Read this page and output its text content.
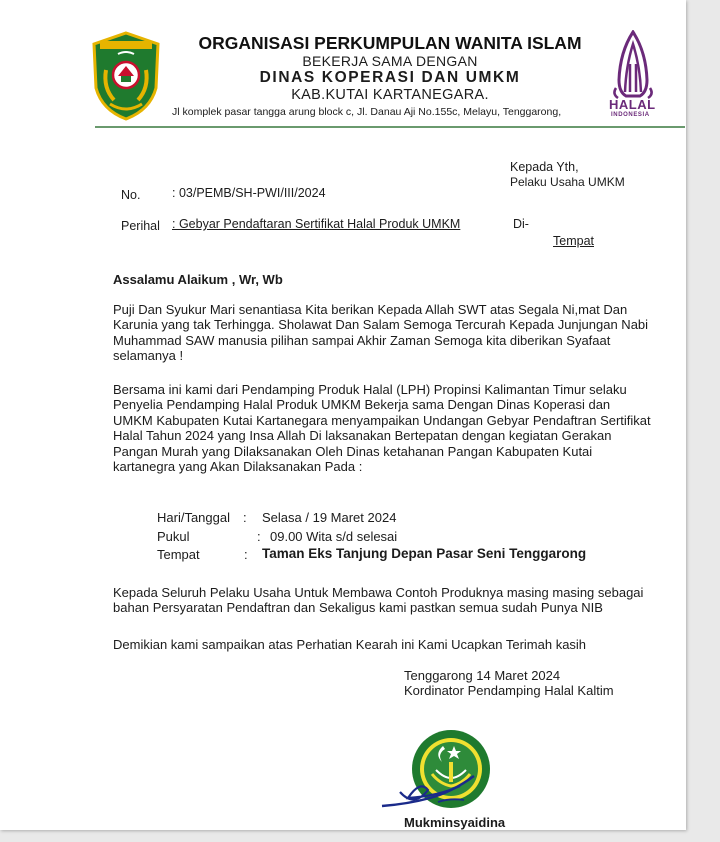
ORGANISASI PERKUMPULAN WANITA ISLAM
BEKERJA SAMA DENGAN
DINAS KOPERASI DAN UMKM
KAB.KUTAI KARTANEGARA.
Jl komplek pasar tangga arung block c, Jl. Danau Aji No.155c, Melayu, Tenggarong,	HALAL
INDONESIA
Kepada Yth,
Pelaku Usaha UMKM
No.	: 03/PEMB/SH-PWI/III/2024
Perihal : Gebyar Pendaftaran Sertifikat Halal Produk UMKM	Di-
Tempat
Assalamu Alaikum , Wr, Wb
Puji Dan Syukur Mari senantiasa Kita berikan Kepada Allah SWT atas Segala Ni,mat Dan Karunia yang tak Terhingga. Sholawat Dan Salam Semoga Tercurah Kepada Junjungan Nabi Muhammad SAW manusia pilihan sampai Akhir Zaman Semoga kita diberikan Syafaat selamanya !
Bersama ini kami dari Pendamping Produk Halal (LPH) Propinsi Kalimantan Timur selaku Penyelia Pendamping Halal Produk UMKM Bekerja sama Dengan Dinas Koperasi dan UMKM Kabupaten Kutai Kartanegara menyampaikan Undangan Gebyar Pendaftran Sertifikat Halal Tahun 2024 yang Insa Allah Di laksanakan Bertepatan dengan kegiatan Gerakan Pangan Murah yang Dilaksanakan Oleh Dinas ketahanan Pangan Kabupaten Kutai kartanegra yang Akan Dilaksanakan Pada :
Hari/Tanggal : Selasa / 19 Maret 2024
Pukul	: 09.00 Wita s/d selesai
Tempat	: Taman Eks Tanjung Depan Pasar Seni Tenggarong
Kepada Seluruh Pelaku Usaha Untuk Membawa Contoh Produknya masing masing sebagai bahan Persyaratan Pendaftran dan Sekaligus kami pastkan semua sudah Punya NIB
Demikian kami sampaikan atas Perhatian Kearah ini Kami Ucapkan Terimah kasih
Tenggarong 14 Maret 2024
Kordinator Pendamping Halal Kaltim
Mukminsyaidina
